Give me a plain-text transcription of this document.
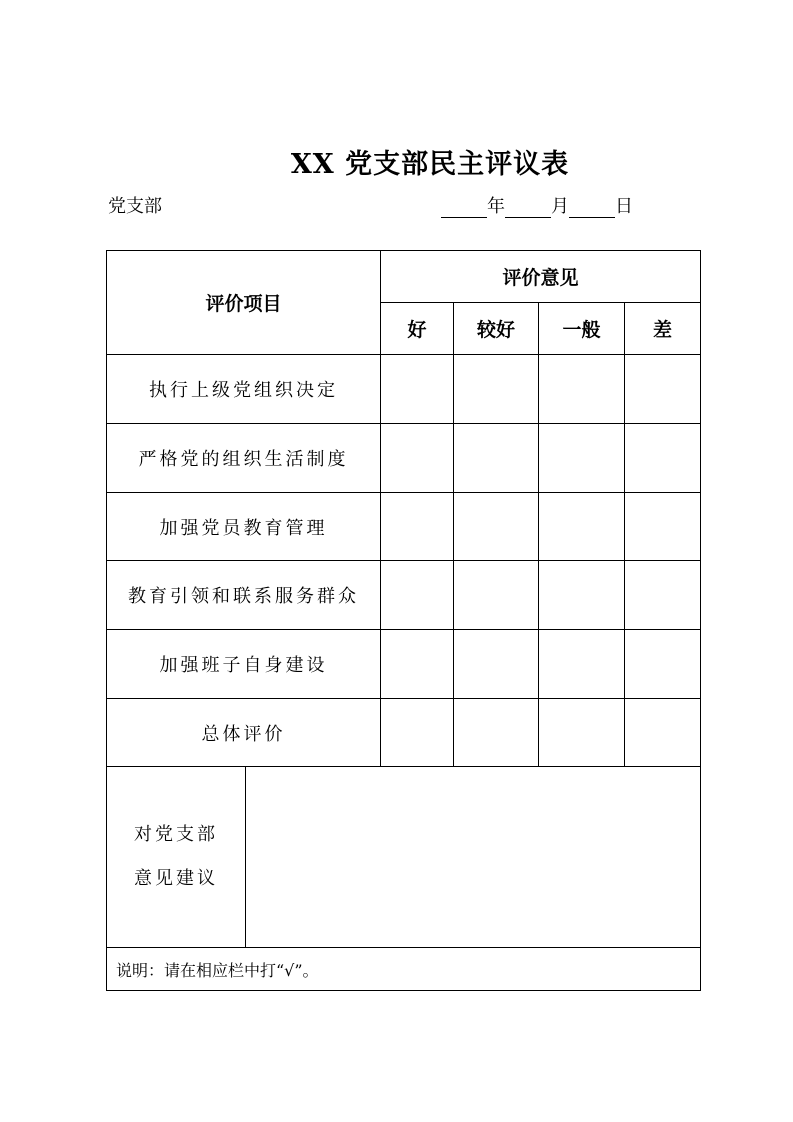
XX 党支部民主评议表
党支部	年	月	日
评价项目		评价意见			
		好	较好	一般	差
执行上级党组织决定					
严格党的组织生活制度					
加强党员教育管理					
教育引领和联系服务群众					
加强班子自身建设					
总体评价					

对党支部
意见建议					

说明：请在相应栏中打“√”。					
